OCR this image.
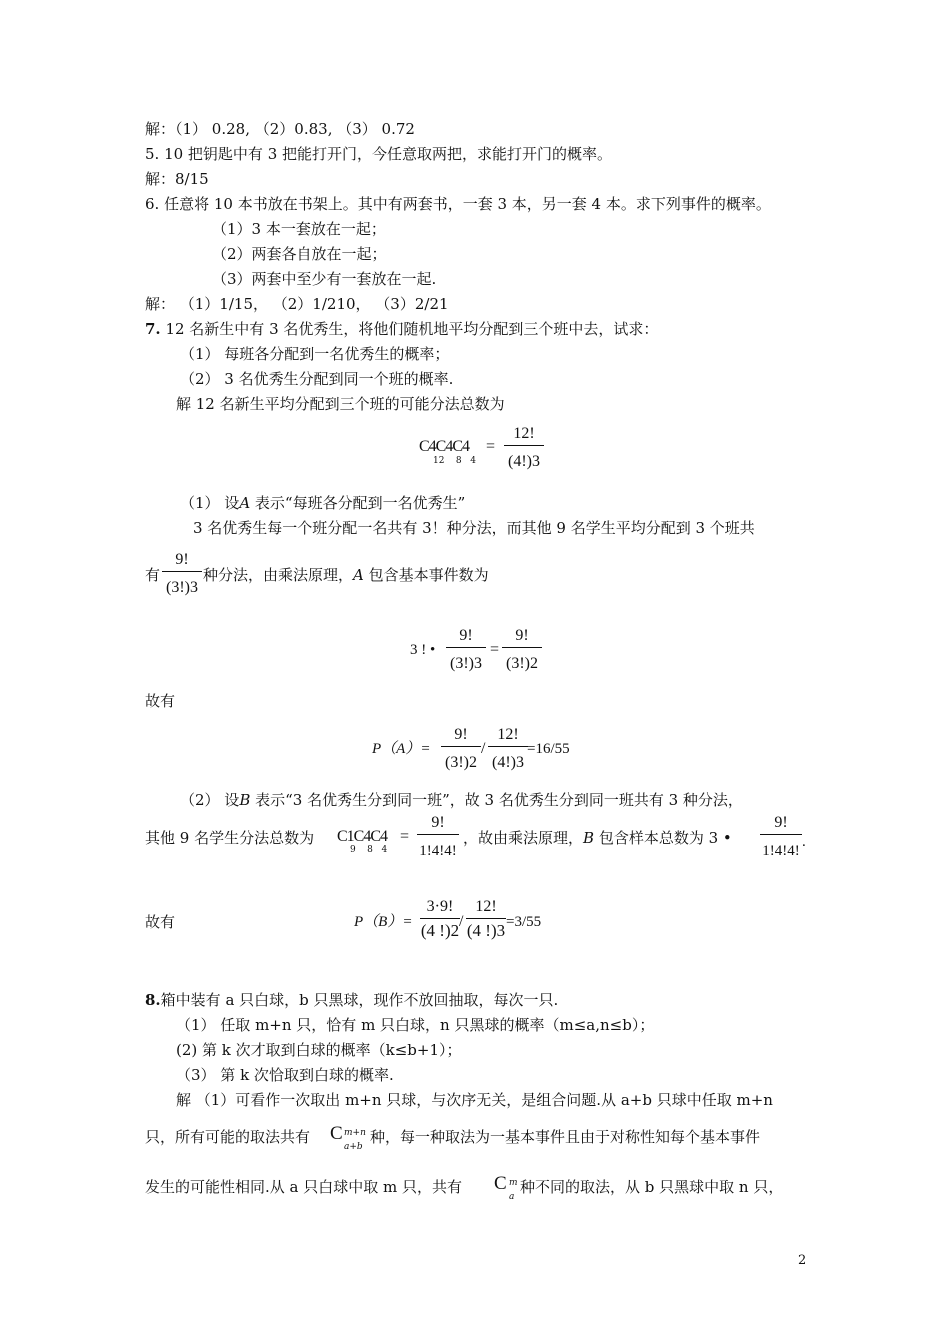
解：（1） 0.28, （2）0.83, （3） 0.72
5. 10 把钥匙中有 3 把能打开门，今任意取两把，求能打开门的概率。
解：8/15
6. 任意将 10 本书放在书架上。其中有两套书，一套 3 本，另一套 4 本。求下列事件的概率。
（1）3 本一套放在一起；
（2）两套各自放在一起；
（3）两套中至少有一套放在一起.
解： （1）1/15， （2）1/210， （3）2/21
7. 12 名新生中有 3 名优秀生，将他们随机地平均分配到三个班中去，试求：
（1） 每班各分配到一名优秀生的概率；
（2） 3 名优秀生分配到同一个班的概率.
解 12 名新生平均分配到三个班的可能分法总数为
C4C4C4
12    8   4
=
12!
(4!)3
（1） 设A 表示“每班各分配到一名优秀生”
3 名优秀生每一个班分配一名共有 3！种分法，而其他 9 名学生平均分配到 3 个班共
有
9!
(3!)3
种分法，由乘法原理，A 包含基本事件数为
3 ! •
9!
(3!)3
=
9!
(3!)2
故有
P（A）=
9!
(3!)2
/
12!
(4!)3
=16/55
（2） 设B 表示“3 名优秀生分到同一班”，故 3 名优秀生分到同一班共有 3 种分法，
其他 9 名学生分法总数为 C1C4C4
9    8   4
=
9!
1!4!4!
，故由乘法原理，B 包含样本总数为 3 •
9!
1!4!4!
.
故有	P（B）=
3·9!
(4 !)2 /
12!
(4 !)3 =3/55
8.箱中装有 a 只白球，b 只黑球，现作不放回抽取，每次一只.
（1） 任取 m+n 只，恰有 m 只白球，n 只黑球的概率（m≤a,n≤b）；
(2) 第 k 次才取到白球的概率（k≤b+1）；
（3） 第 k 次恰取到白球的概率.
解 （1）可看作一次取出 m+n 只球，与次序无关，是组合问题.从 a+b 只球中任取 m+n
只，所有可能的取法共有 C m+n
a+b
种，每一种取法为一基本事件且由于对称性知每个基本事件
发生的可能性相同.从 a 只白球中取 m 只，共有 C m
a
种不同的取法，从 b 只黑球中取 n 只，
2
